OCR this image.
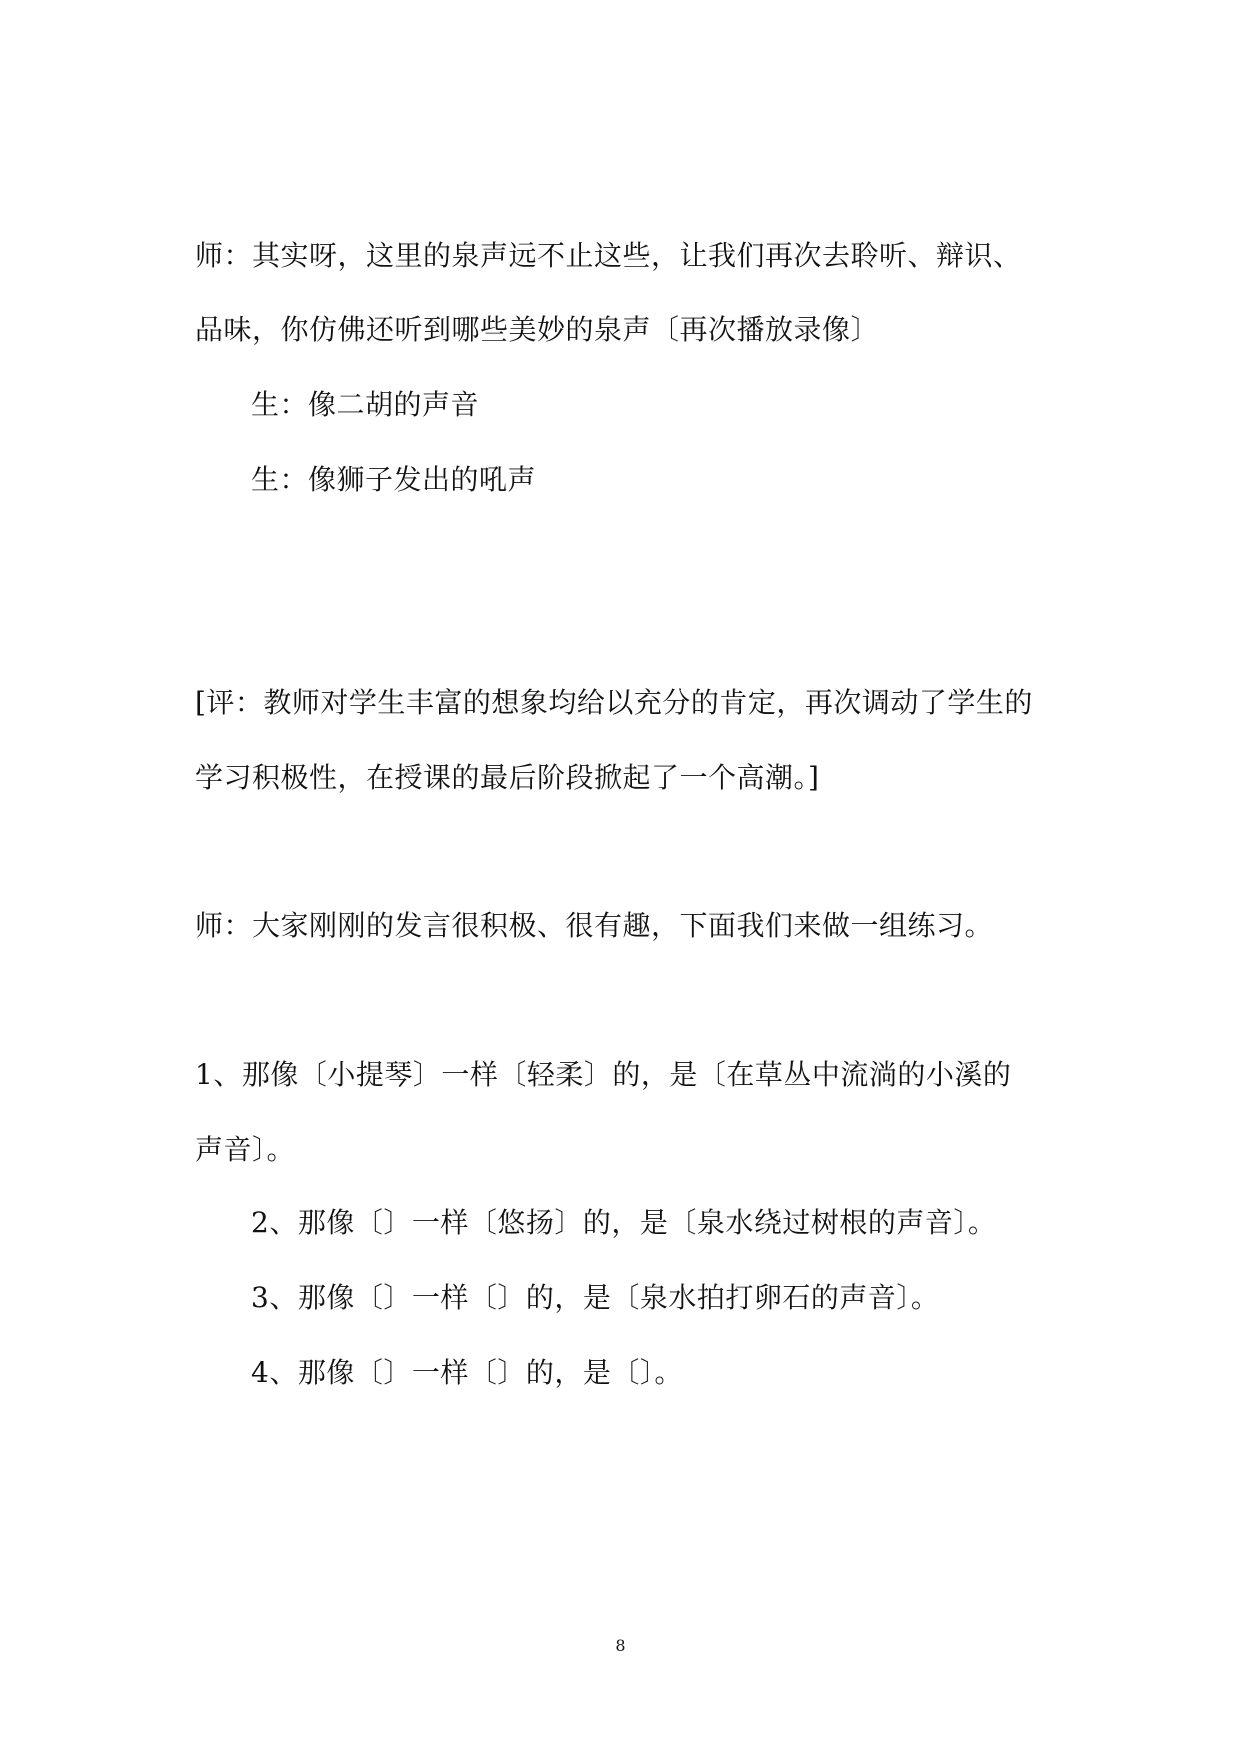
师：其实呀，这里的泉声远不止这些，让我们再次去聆听、辩识、
品味，你仿佛还听到哪些美妙的泉声〔再次播放录像〕
生：像二胡的声音
生：像狮子发出的吼声
[评：教师对学生丰富的想象均给以充分的肯定，再次调动了学生的
学习积极性，在授课的最后阶段掀起了一个高潮。]
师：大家刚刚的发言很积极、很有趣，下面我们来做一组练习。
1、那像〔小提琴〕一样〔轻柔〕的，是〔在草丛中流淌的小溪的
声音〕。
2、那像〔〕一样〔悠扬〕的，是〔泉水绕过树根的声音〕。
3、那像〔〕一样〔〕的，是〔泉水拍打卵石的声音〕。
4、那像〔〕一样〔〕的，是〔〕。
8
